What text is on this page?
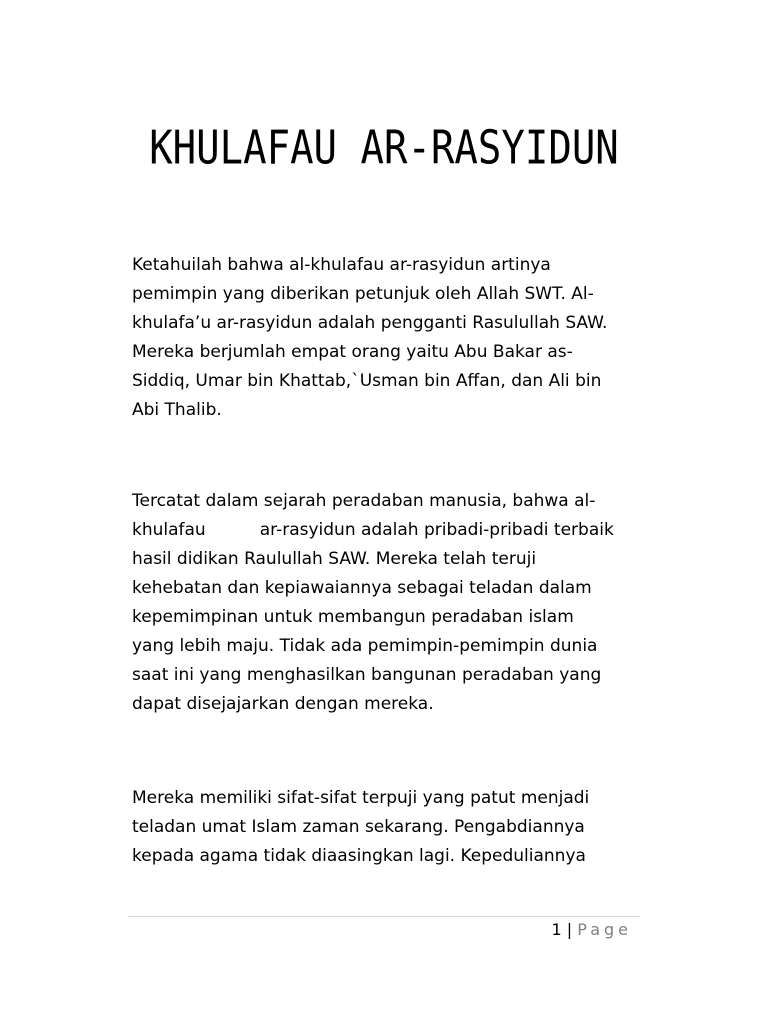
KHULAFAU AR-RASYIDUN
Ketahuilah bahwa al-khulafau ar-rasyidun artinya
pemimpin yang diberikan petunjuk oleh Allah SWT. Al-
khulafa’u ar-rasyidun adalah pengganti Rasulullah SAW.
Mereka berjumlah empat orang yaitu Abu Bakar as-
Siddiq, Umar bin Khattab,`Usman bin Affan, dan Ali bin
Abi Thalib.
Tercatat dalam sejarah peradaban manusia, bahwa al-
khulafau          ar-rasyidun adalah pribadi-pribadi terbaik
hasil didikan Raulullah SAW. Mereka telah teruji
kehebatan dan kepiawaiannya sebagai teladan dalam
kepemimpinan untuk membangun peradaban islam
yang lebih maju. Tidak ada pemimpin-pemimpin dunia
saat ini yang menghasilkan bangunan peradaban yang
dapat disejajarkan dengan mereka.
Mereka memiliki sifat-sifat terpuji yang patut menjadi
teladan umat Islam zaman sekarang. Pengabdiannya
kepada agama tidak diaasingkan lagi. Kepeduliannya
1 | Page
